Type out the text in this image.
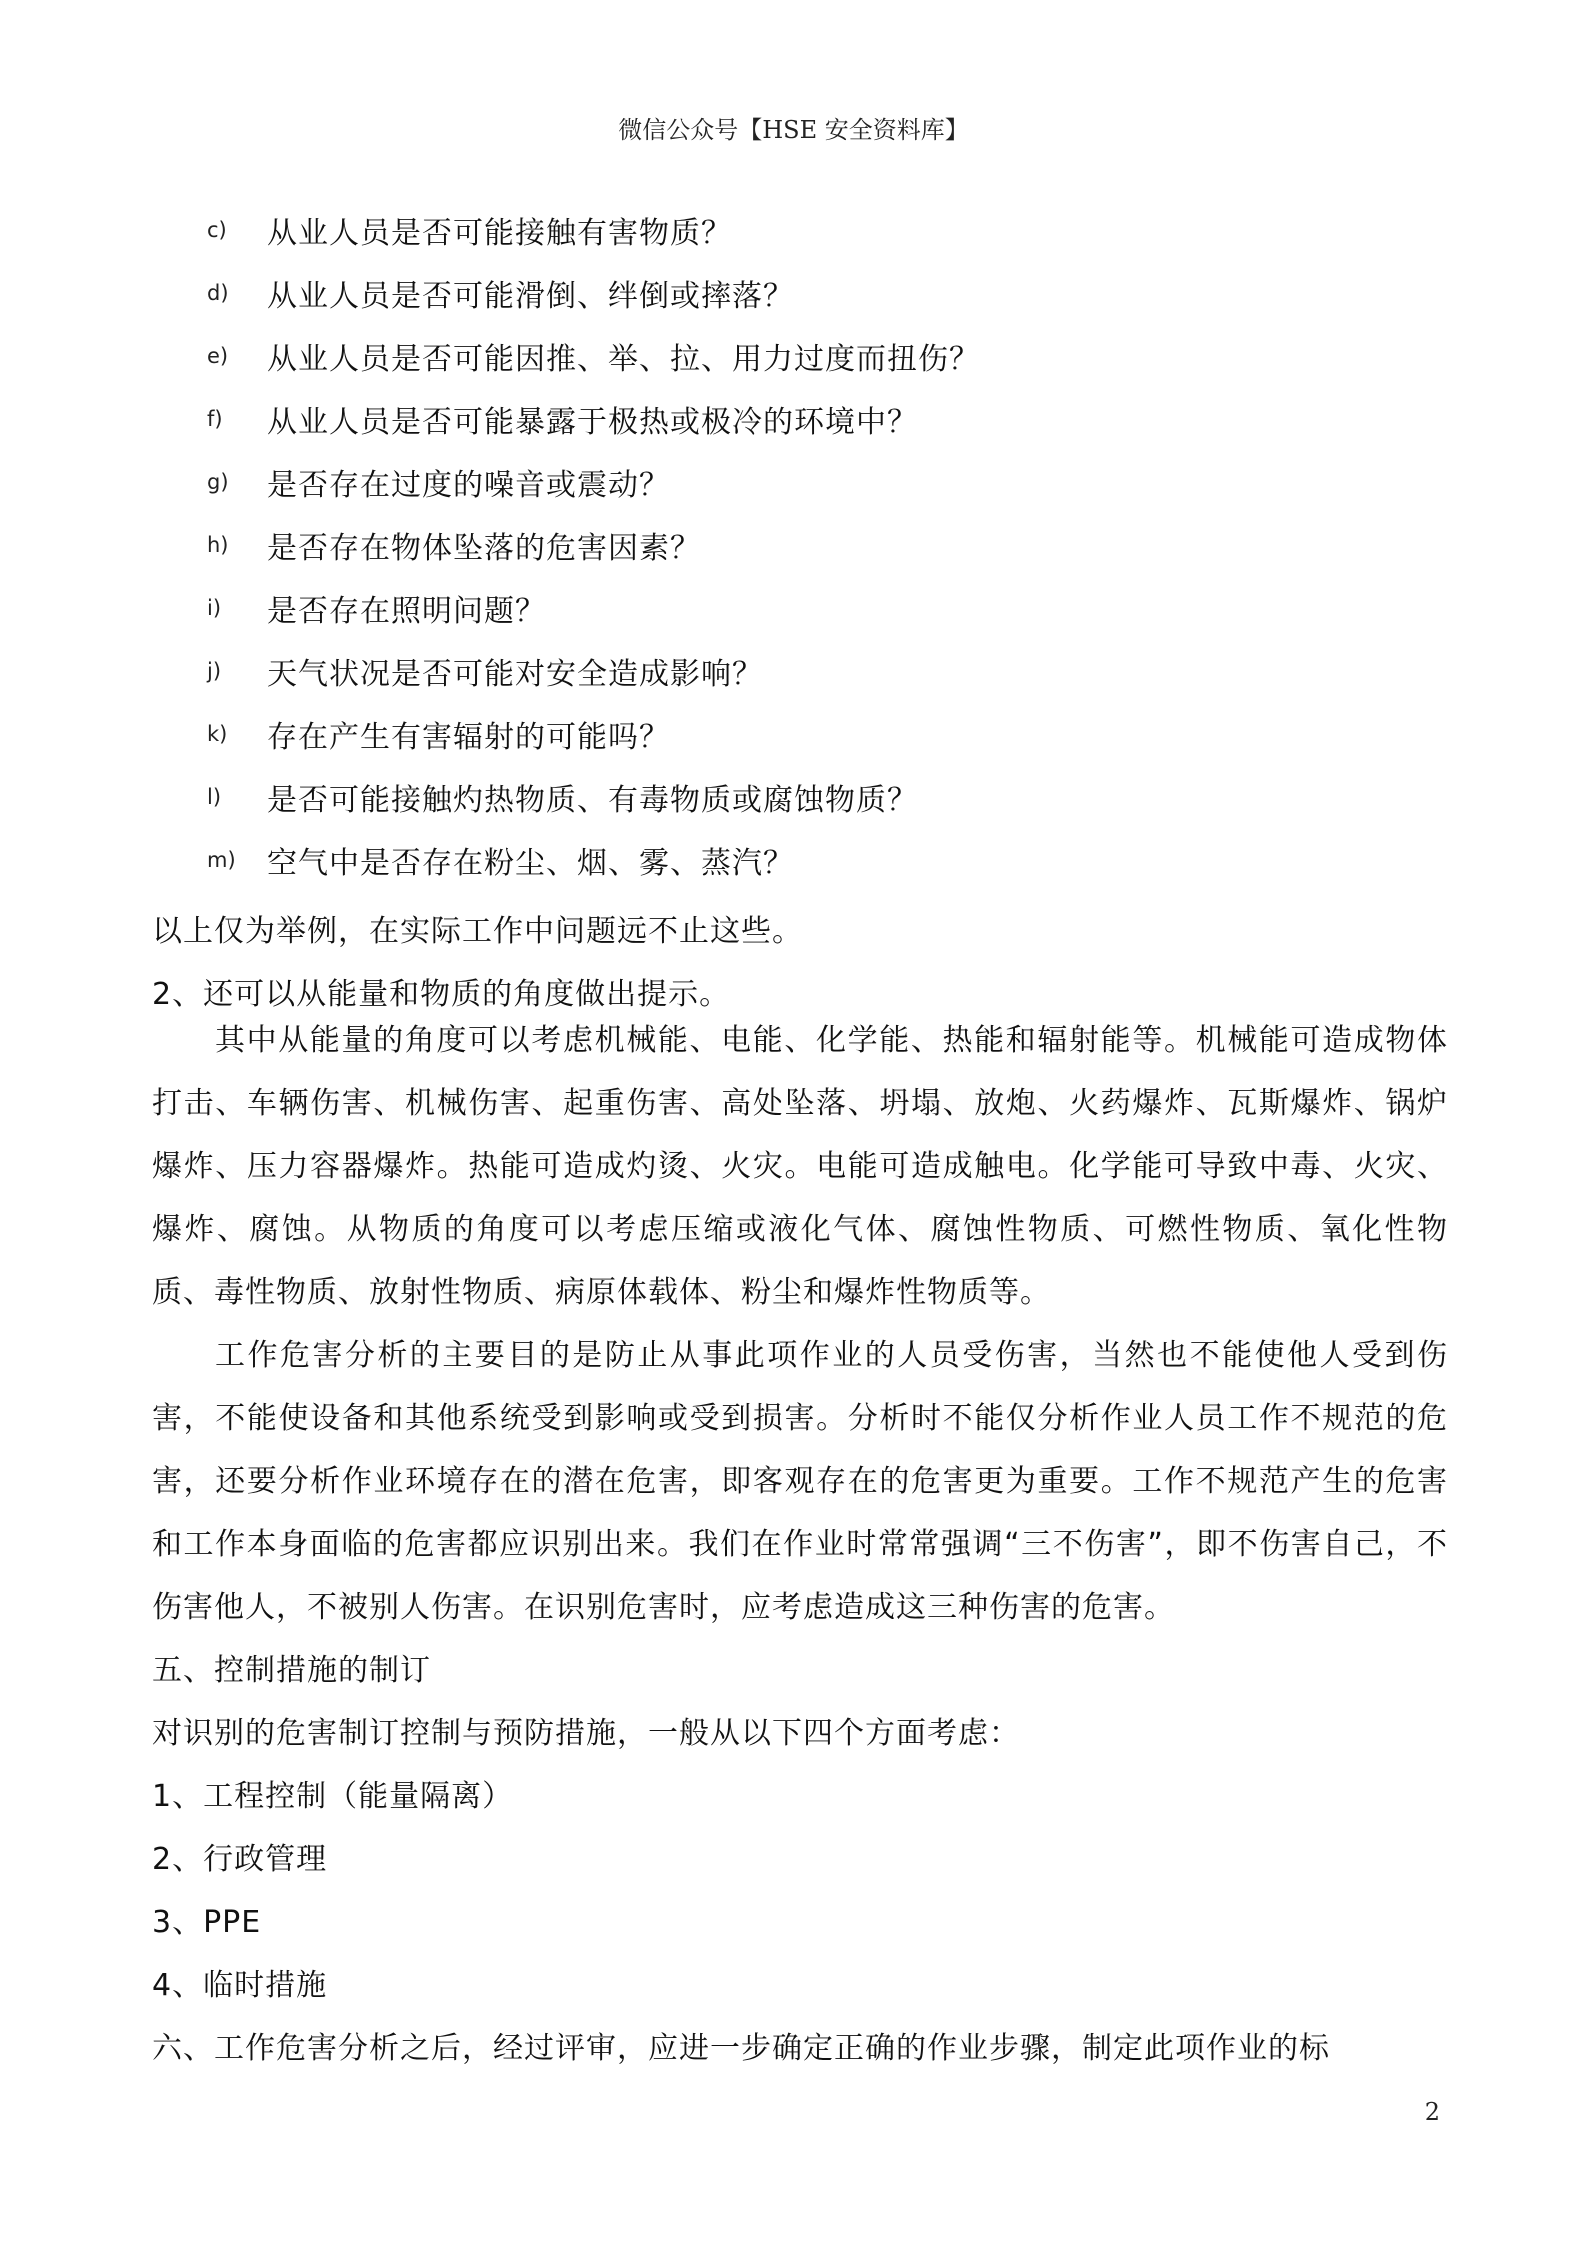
微信公众号【HSE 安全资料库】
c)	从业人员是否可能接触有害物质？
d)	从业人员是否可能滑倒、绊倒或摔落？
e)	从业人员是否可能因推、举、拉、用力过度而扭伤？
f)	从业人员是否可能暴露于极热或极冷的环境中？
g)	是否存在过度的噪音或震动？
h)	是否存在物体坠落的危害因素？
i)	是否存在照明问题？
j)	天气状况是否可能对安全造成影响？
k)	存在产生有害辐射的可能吗？
l)	是否可能接触灼热物质、有毒物质或腐蚀物质？
m)	空气中是否存在粉尘、烟、雾、蒸汽？

以上仅为举例，在实际工作中问题远不止这些。

2、还可以从能量和物质的角度做出提示。

其中从能量的角度可以考虑机械能、电能、化学能、热能和辐射能等。机械能可造成物体打击、车辆伤害、机械伤害、起重伤害、高处坠落、坍塌、放炮、火药爆炸、瓦斯爆炸、锅炉爆炸、压力容器爆炸。热能可造成灼烫、火灾。电能可造成触电。化学能可导致中毒、火灾、爆炸、腐蚀。从物质的角度可以考虑压缩或液化气体、腐蚀性物质、可燃性物质、氧化性物质、毒性物质、放射性物质、病原体载体、粉尘和爆炸性物质等。

工作危害分析的主要目的是防止从事此项作业的人员受伤害，当然也不能使他人受到伤害，不能使设备和其他系统受到影响或受到损害。分析时不能仅分析作业人员工作不规范的危害，还要分析作业环境存在的潜在危害，即客观存在的危害更为重要。工作不规范产生的危害和工作本身面临的危害都应识别出来。我们在作业时常常强调“三不伤害”，即不伤害自己，不伤害他人，不被别人伤害。在识别危害时，应考虑造成这三种伤害的危害。

五、控制措施的制订

对识别的危害制订控制与预防措施，一般从以下四个方面考虑：

1、工程控制（能量隔离）

2、行政管理

3、PPE

4、临时措施

六、工作危害分析之后，经过评审，应进一步确定正确的作业步骤，制定此项作业的标

2
